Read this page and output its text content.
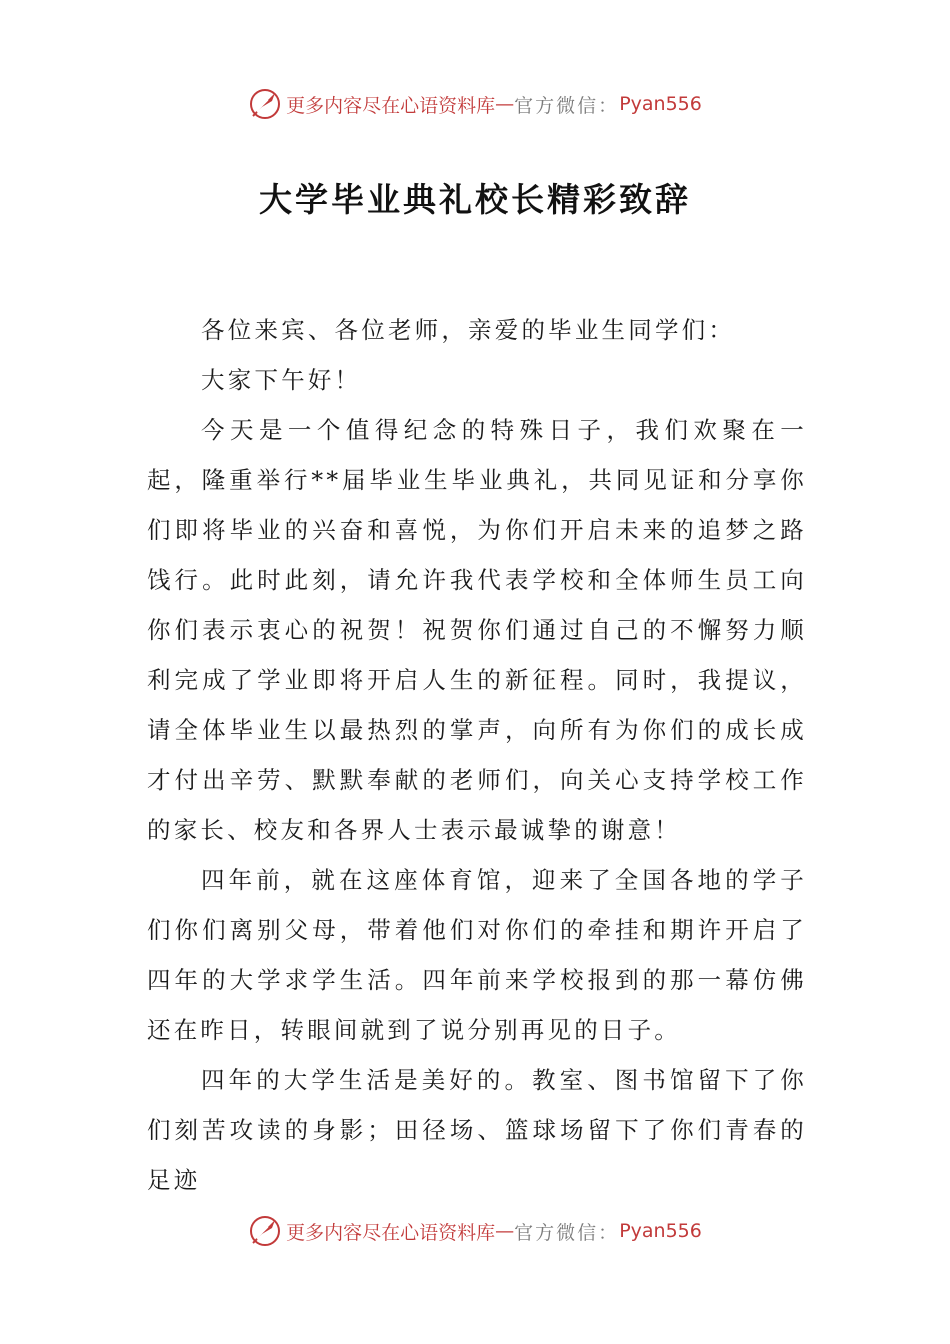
更多内容尽在心语资料库 — 官方微信： Pyan556
大学毕业典礼校长精彩致辞

各位来宾、各位老师，亲爱的毕业生同学们：

大家下午好！

今天是一个值得纪念的特殊日子，我们欢聚在一起，隆重举行**届毕业生毕业典礼，共同见证和分享你们即将毕业的兴奋和喜悦，为你们开启未来的追梦之路饯行。此时此刻，请允许我代表学校和全体师生员工向你们表示衷心的祝贺！祝贺你们通过自己的不懈努力顺利完成了学业即将开启人生的新征程。同时，我提议，请全体毕业生以最热烈的掌声，向所有为你们的成长成才付出辛劳、默默奉献的老师们，向关心支持学校工作的家长、校友和各界人士表示最诚挚的谢意！

四年前，就在这座体育馆，迎来了全国各地的学子们你们离别父母，带着他们对你们的牵挂和期许开启了四年的大学求学生活。四年前来学校报到的那一幕仿佛还在昨日，转眼间就到了说分别再见的日子。

四年的大学生活是美好的。教室、图书馆留下了你们刻苦攻读的身影；田径场、篮球场留下了你们青春的足迹

更多内容尽在心语资料库 — 官方微信： Pyan556
